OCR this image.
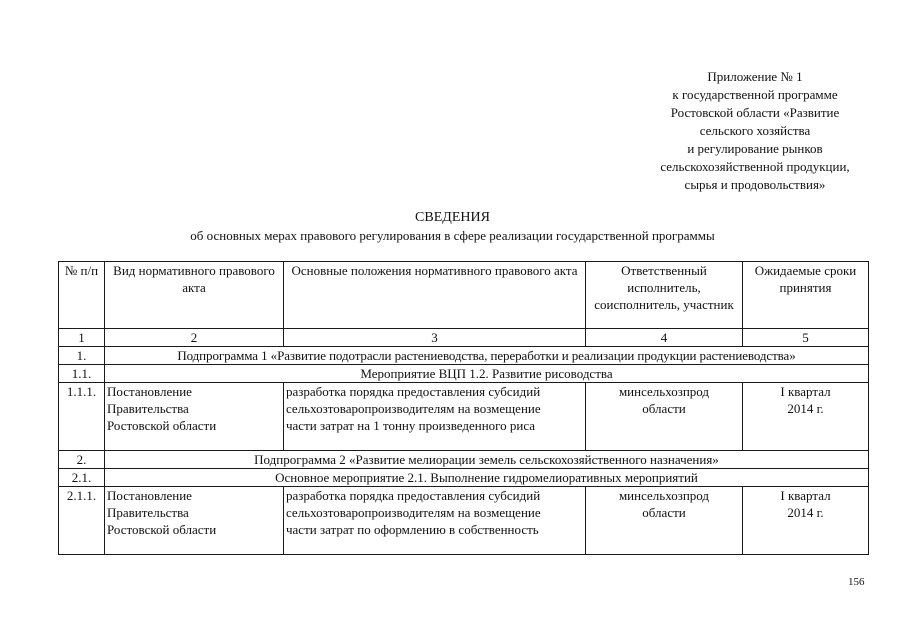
Приложение № 1
к государственной программе
Ростовской области «Развитие
сельского хозяйства
и регулирование рынков
сельскохозяйственной продукции,
сырья и продовольствия»
СВЕДЕНИЯ
об основных мерах правового регулирования в сфере реализации государственной программы
№ п/п	Вид нормативного правового акта	Основные положения нормативного правового акта	Ответственный исполнитель, соисполнитель, участник	Ожидаемые сроки принятия
1	2	3	4	5
1.	Подпрограмма 1 «Развитие подотрасли растениеводства, переработки и реализации продукции растениеводства»			
1.1.	Мероприятие ВЦП 1.2. Развитие рисоводства			
1.1.1.	Постановление Правительства Ростовской области	разработка порядка предоставления субсидий сельхозтоваропроизводителям на возмещение части затрат на 1 тонну произведенного риса	минсельхозпрод области	I квартал 2014 г.
2.	Подпрограмма 2 «Развитие мелиорации земель сельскохозяйственного назначения»			
2.1.	Основное мероприятие 2.1. Выполнение гидромелиоративных мероприятий			
2.1.1.	Постановление Правительства Ростовской области	разработка порядка предоставления субсидий сельхозтоваропроизводителям на возмещение части затрат по оформлению в собственность	минсельхозпрод области	I квартал 2014 г.
156
